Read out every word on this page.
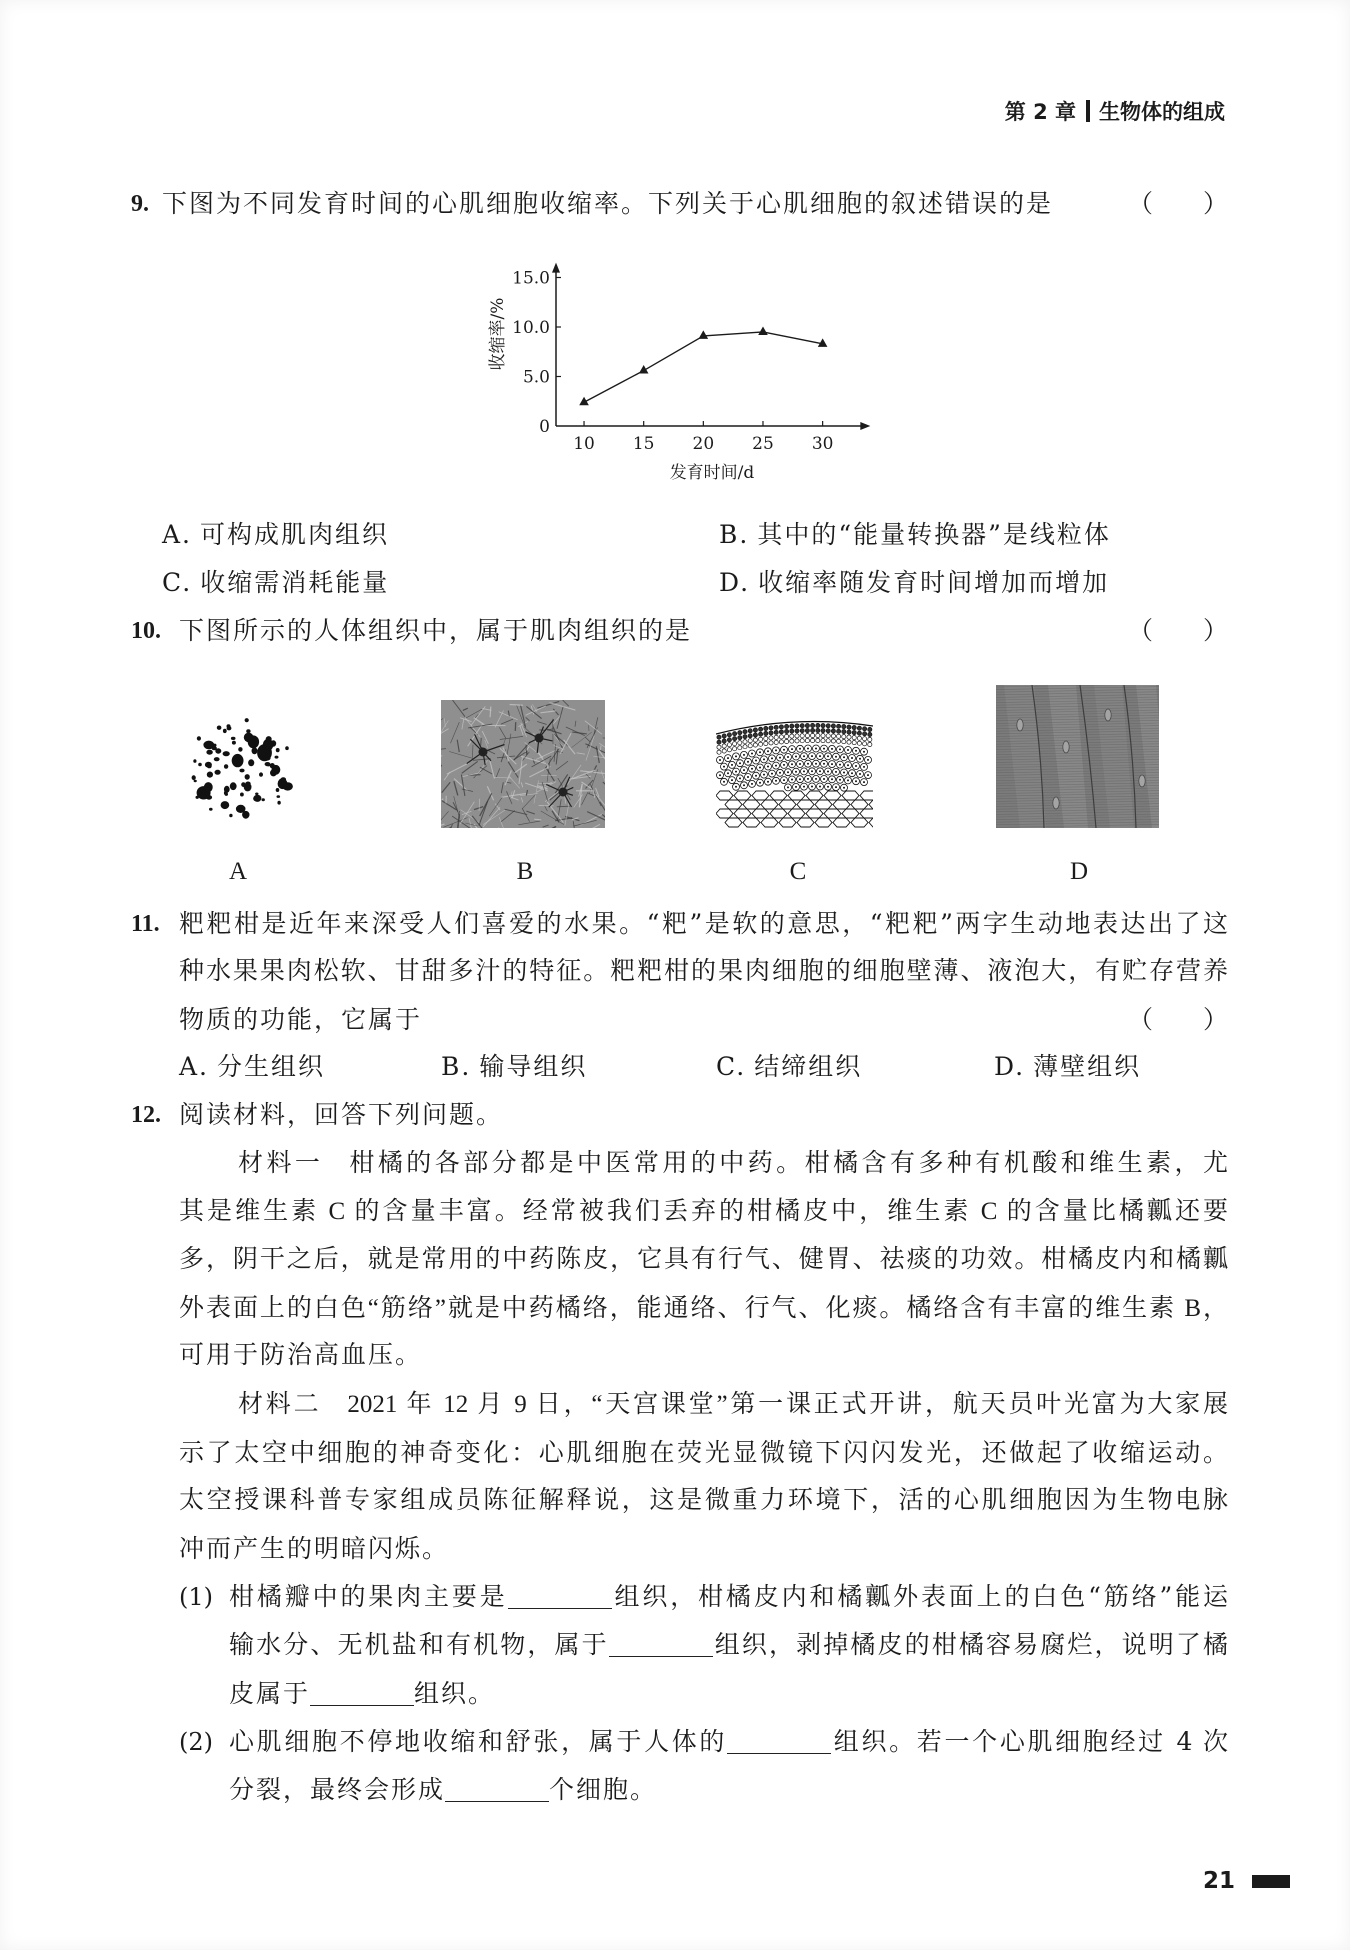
第 2 章 生物体的组成
9. 下图为不同发育时间的心肌细胞收缩率。下列关于心肌细胞的叙述错误的是	（　　）
0
5.0
10.0
15.0
10 15 20 25 30
发育时间/d
收缩率/%
A. 可构成肌肉组织	B. 其中的“能量转换器”是线粒体
C. 收缩需消耗能量	D. 收缩率随发育时间增加而增加
10. 下图所示的人体组织中，属于肌肉组织的是	（　　）
A	B	C	D
11. 粑粑柑是近年来深受人们喜爱的水果。“粑”是软的意思，“粑粑”两字生动地表达出了这
种水果果肉松软、甘甜多汁的特征。粑粑柑的果肉细胞的细胞壁薄、液泡大，有贮存营养
物质的功能，它属于	（　　）
A. 分生组织	B. 输导组织	C. 结缔组织	D. 薄壁组织
12. 阅读材料，回答下列问题。
材料一 柑橘的各部分都是中医常用的中药。柑橘含有多种有机酸和维生素，尤
其是维生素 C 的含量丰富。经常被我们丢弃的柑橘皮中，维生素 C 的含量比橘瓤还要
多，阴干之后，就是常用的中药陈皮，它具有行气、健胃、祛痰的功效。柑橘皮内和橘瓤
外表面上的白色“筋络”就是中药橘络，能通络、行气、化痰。橘络含有丰富的维生素 B，
可用于防治高血压。
材料二 2021 年 12 月 9 日，“天宫课堂”第一课正式开讲，航天员叶光富为大家展
示了太空中细胞的神奇变化：心肌细胞在荧光显微镜下闪闪发光，还做起了收缩运动。
太空授课科普专家组成员陈征解释说，这是微重力环境下，活的心肌细胞因为生物电脉
冲而产生的明暗闪烁。
(1) 柑橘瓣中的果肉主要是	组织，柑橘皮内和橘瓤外表面上的白色“筋络”能运
输水分、无机盐和有机物，属于	组织，剥掉橘皮的柑橘容易腐烂，说明了橘
皮属于	组织。
(2) 心肌细胞不停地收缩和舒张，属于人体的	组织。若一个心肌细胞经过 4 次
分裂，最终会形成	个细胞。
21
